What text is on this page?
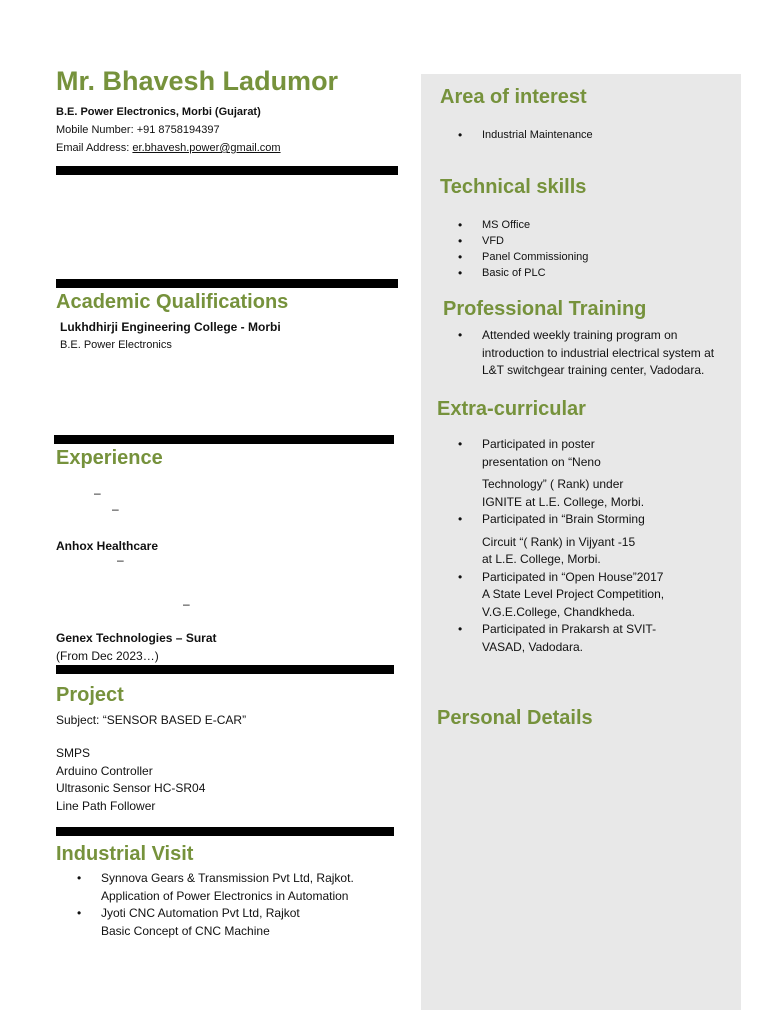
Mr. Bhavesh Ladumor
B.E. Power Electronics, Morbi (Gujarat)
Mobile Number: +91 8758194397
Email Address: er.bhavesh.power@gmail.com
Academic Qualifications
Lukhdhirji Engineering College - Morbi
B.E. Power Electronics
Experience
–
–
Anhox Healthcare
–
–
Genex Technologies – Surat
(From Dec 2023…)
Project
Subject: “SENSOR BASED E-CAR”
SMPS
Arduino Controller
Ultrasonic Sensor HC-SR04
Line Path Follower
Industrial Visit
• Synnova Gears & Transmission Pvt Ltd, Rajkot.
Application of Power Electronics in Automation
• Jyoti CNC Automation Pvt Ltd, Rajkot
Basic Concept of CNC Machine
Area of interest
• Industrial Maintenance
Technical skills
• MS Office
• VFD
• Panel Commissioning
• Basic of PLC
Professional Training
• Attended weekly training program on introduction to industrial electrical system at L&T switchgear training center, Vadodara.
Extra-curricular
• Participated in poster
presentation on “Neno
Technology” ( Rank) under
IGNITE at L.E. College, Morbi.
• Participated in “Brain Storming
Circuit “( Rank) in Vijyant -15
at L.E. College, Morbi.
• Participated in “Open House”2017
A State Level Project Competition,
V.G.E.College, Chandkheda.
• Participated in Prakarsh at SVIT-
VASAD, Vadodara.
Personal Details
